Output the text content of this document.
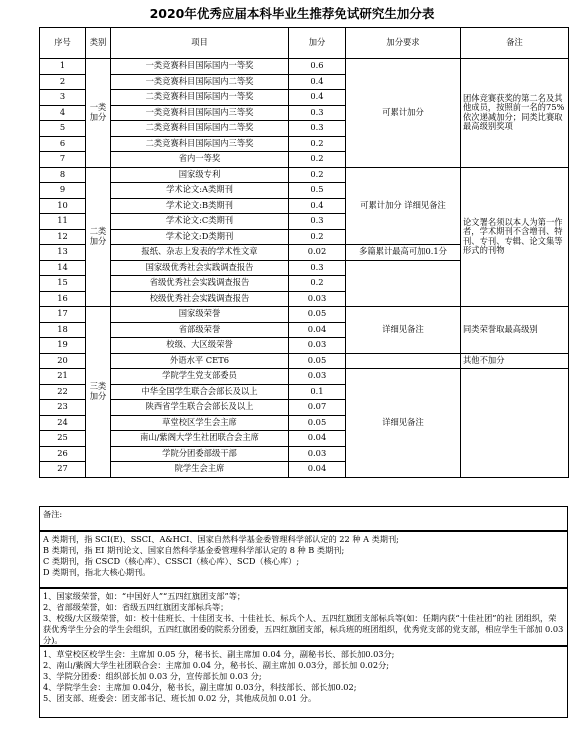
2020年优秀应届本科毕业生推荐免试研究生加分表
序号	类别	项目	加分	加分要求	备注
1	一类加分	一类竞赛科目国际国内一等奖	0.6	可累计加分	团体竞赛获奖的第二名及其他成员，按照前一名的75%依次递减加分；同类比赛取最高级别奖项
2		一类竞赛科目国际国内二等奖	0.4		
3		二类竞赛科目国际国内一等奖	0.4		
4		一类竞赛科目国际国内三等奖	0.3		
5		二类竞赛科目国际国内二等奖	0.3		
6		二类竞赛科目国际国内三等奖	0.2		
7		省内一等奖	0.2		
8	二类加分	国家级专利	0.2	可累计加分 详细见备注	论文署名须以本人为第一作者，学术期刊不含增刊、特刊、专刊、专辑、论文集等形式的刊物
9		学术论文:A类期刊	0.5		
10		学术论文:B类期刊	0.4		
11		学术论文:C类期刊	0.3		
12		学术论文:D类期刊	0.2		
13		报纸、杂志上发表的学术性文章	0.02	多篇累计最高可加0.1分	
14		国家级优秀社会实践调查报告	0.3		
15		省级优秀社会实践调查报告	0.2		
16		校级优秀社会实践调查报告	0.03		
17	三类加分	国家级荣誉	0.05	详细见备注	同类荣誉取最高级别
18		省部级荣誉	0.04		
19		校级、大区级荣誉	0.03		
20		外语水平 CET6	0.05		其他不加分
21		学院学生党支部委员	0.03	详细见备注	
22		中华全国学生联合会部长及以上	0.1		
23		陕西省学生联合会部长及以上	0.07		
24		草堂校区学生会主席	0.05		
25		南山/紫阁大学生社团联合会主席	0.04		
26		学院分团委部级干部	0.03		
27		院学生会主席	0.04		
备注:
A 类期刊，指 SCI(E)、SSCI、A&HCI、国家自然科学基金委管理科学部认定的 22 种 A 类期刊;
B 类期刊，指 EI 期刊论文、国家自然科学基金委管理科学部认定的 8 种 B 类期刊;
C 类期刊，指 CSCD（核心库）、CSSCI（核心库）、SCD（核心库）;
D 类期刊，指北大核心期刊。
1、国家级荣誉，如：“中国好人”“五四红旗团支部”等；
2、省部级荣誉，如：省级五四红旗团支部标兵等；
3、校级/大区级荣誉，如：校十佳班长、十佳团支书、十佳社长、标兵个人、五四红旗团支部标兵等(如：任期内获“十佳社团”的社 团组织，荣获优秀学生分会的学生会组织，五四红旗团委的院系分团委，五四红旗团支部，标兵班的班团组织，优秀党支部的党支部，相应学生干部加 0.03分)。
1、草堂校区校学生会：主席加 0.05 分，秘书长、副主席加 0.04 分，副秘书长、部长加0.03分;
2、南山/紫阁大学生社团联合会：主席加 0.04 分，秘书长、副主席加 0.03分，部长加 0.02分;
3、学院分团委：组织部长加 0.03 分，宣传部长加 0.03 分;
4、学院学生会：主席加 0.04分，秘书长，副主席加 0.03分，科技部长、部长加0.02;
5、团支部、班委会：团支部书记、班长加 0.02 分，其他成员加 0.01 分。
